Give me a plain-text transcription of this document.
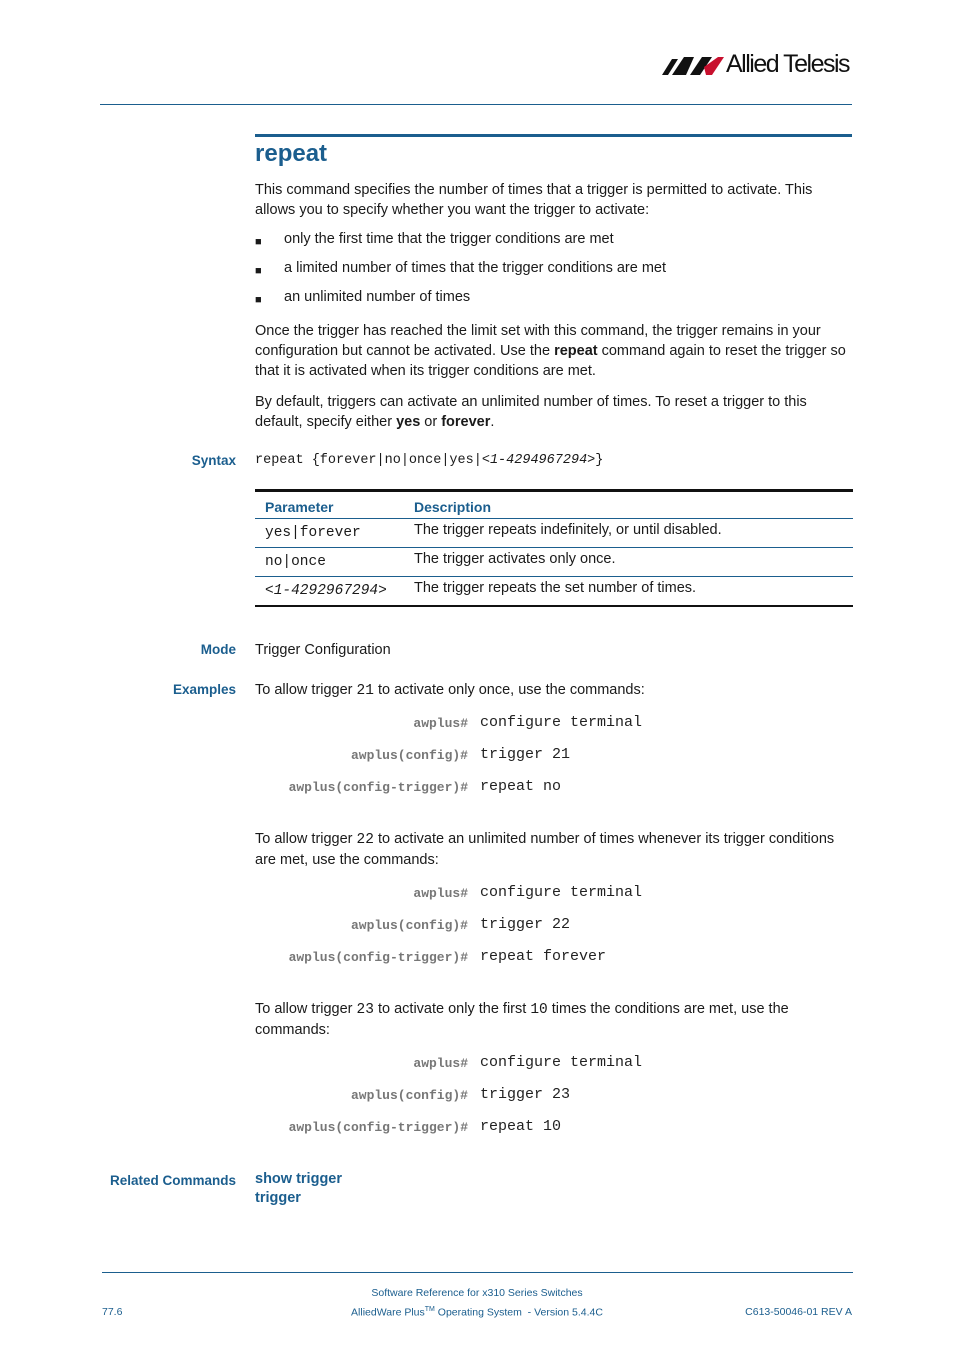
Allied Telesis
repeat
This command specifies the number of times that a trigger is permitted to activate. This allows you to specify whether you want the trigger to activate:
■ only the first time that the trigger conditions are met
■ a limited number of times that the trigger conditions are met
■ an unlimited number of times
Once the trigger has reached the limit set with this command, the trigger remains in your configuration but cannot be activated. Use the repeat command again to reset the trigger so that it is activated when its trigger conditions are met.
By default, triggers can activate an unlimited number of times. To reset a trigger to this default, specify either yes or forever.
Syntax repeat {forever|no|once|yes|<1-4294967294>}
Parameter	Description
yes|forever	The trigger repeats indefinitely, or until disabled.
no|once	The trigger activates only once.
<1-4292967294>	The trigger repeats the set number of times.
Mode Trigger Configuration
Examples To allow trigger 21 to activate only once, use the commands:
awplus# configure terminal
awplus(config)# trigger 21
awplus(config-trigger)# repeat no
To allow trigger 22 to activate an unlimited number of times whenever its trigger conditions are met, use the commands:
awplus# configure terminal
awplus(config)# trigger 22
awplus(config-trigger)# repeat forever
To allow trigger 23 to activate only the first 10 times the conditions are met, use the commands:
awplus# configure terminal
awplus(config)# trigger 23
awplus(config-trigger)# repeat 10
Related Commands show trigger
trigger
Software Reference for x310 Series Switches
77.6	AlliedWare Plus™ Operating System  - Version 5.4.4C	C613-50046-01 REV A
